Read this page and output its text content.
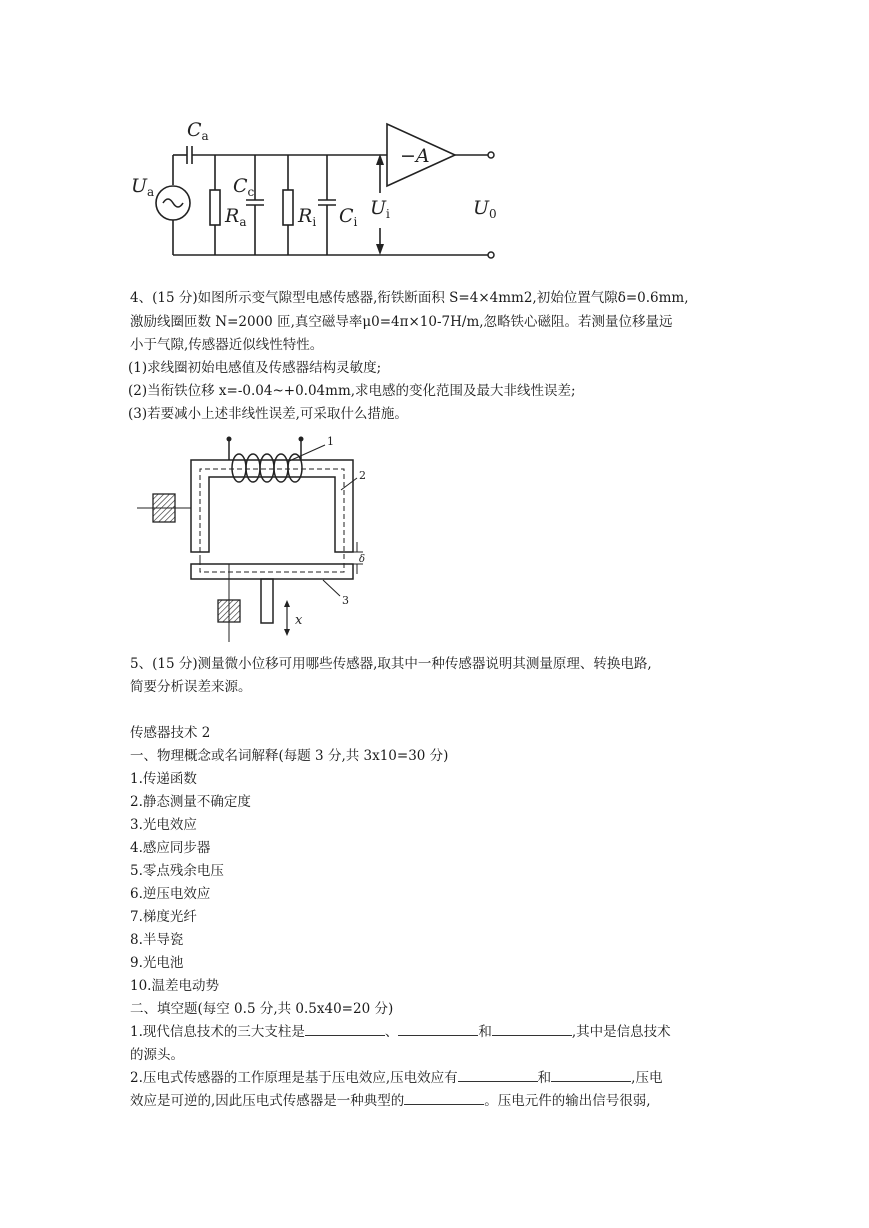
$C_a$
$U_a$	$C_c$
$R_a$	$R_i$ $C_i$
$U_i$
−A
$U_0$
4、(15 分)如图所示变气隙型电感传感器,衔铁断面积 S=4×4mm2,初始位置气隙δ=0.6mm,
激励线圈匝数 N=2000 匝,真空磁导率μ0=4π×10-7H/m,忽略铁心磁阻。若测量位移量远
小于气隙,传感器近似线性特性。
(1)求线圈初始电感值及传感器结构灵敏度;
(2)当衔铁位移 x=-0.04~+0.04mm,求电感的变化范围及最大非线性误差;
(3)若要减小上述非线性误差,可采取什么措施。
1
2
3
δ
x
5、(15 分)测量微小位移可用哪些传感器,取其中一种传感器说明其测量原理、转换电路,
简要分析误差来源。
传感器技术 2
一、物理概念或名词解释(每题 3 分,共 3x10=30 分)
1.传递函数
2.静态测量不确定度
3.光电效应
4.感应同步器
5.零点残余电压
6.逆压电效应
7.梯度光纤
8.半导瓷
9.光电池
10.温差电动势
二、填空题(每空 0.5 分,共 0.5x40=20 分)
1.现代信息技术的三大支柱是	、	和	,其中是信息技术
的源头。
2.压电式传感器的工作原理是基于压电效应,压电效应有	和	,压电
效应是可逆的,因此压电式传感器是一种典型的	。压电元件的输出信号很弱,
